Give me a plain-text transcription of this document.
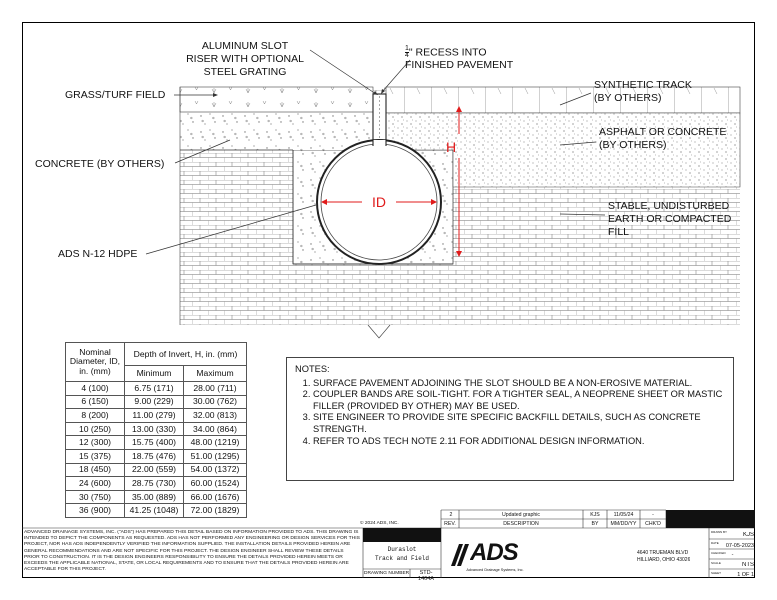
ID
H
ALUMINUM SLOT
RISER WITH OPTIONAL
STEEL GRATING
$\frac{1}{4}$ " RECESS INTO
FINISHED PAVEMENT
GRASS/TURF FIELD
SYNTHETIC TRACK
(BY OTHERS)
ASPHALT OR CONCRETE
(BY OTHERS)
CONCRETE (BY OTHERS)
STABLE, UNDISTURBED
EARTH OR COMPACTED
FILL
ADS N-12 HDPE
Nominal
Diameter, ID,
in. (mm)	Depth of Invert, H, in. (mm)	
	Minimum	Maximum
4 (100)	6.75 (171)	28.00 (711)
6 (150)	9.00 (229)	30.00 (762)
8 (200)	11.00 (279)	32.00 (813)
10 (250)	13.00 (330)	34.00 (864)
12 (300)	15.75 (400)	48.00 (1219)
15 (375)	18.75 (476)	51.00 (1295)
18 (450)	22.00 (559)	54.00 (1372)
24 (600)	28.75 (730)	60.00 (1524)
30 (750)	35.00 (889)	66.00 (1676)
36 (900)	41.25 (1048)	72.00 (1829)
NOTES:
1. SURFACE PAVEMENT ADJOINING THE SLOT SHOULD BE A NON-EROSIVE MATERIAL.
2. COUPLER BANDS ARE SOIL-TIGHT. FOR A TIGHTER SEAL, A NEOPRENE SHEET OR MASTIC FILLER (PROVIDED BY OTHER) MAY BE USED.
3. SITE ENGINEER TO PROVIDE SITE SPECIFIC BACKFILL DETAILS, SUCH AS CONCRETE STRENGTH.
4. REFER TO ADS TECH NOTE 2.11 FOR ADDITIONAL DESIGN INFORMATION.
© 2024 ADS, INC.
2	Updated graphic	KJS	11/05/24	-
REV.	DESCRIPTION	BY	MM/DD/YY	CHK'D
ADVANCED DRAINAGE SYSTEMS, INC. ("ADS") HAS PREPARED THIS DETAIL BASED ON INFORMATION PROVIDED TO ADS. THIS DRAWING IS INTENDED TO DEPICT THE COMPONENTS AS REQUESTED. ADS HAS NOT PERFORMED ANY ENGINEERING OR DESIGN SERVICES FOR THIS PROJECT, NOR HAS ADS INDEPENDENTLY VERIFIED THE INFORMATION SUPPLIED. THE INSTALLATION DETAILS PROVIDED HEREIN ARE GENERAL RECOMMENDATIONS AND ARE NOT SPECIFIC FOR THIS PROJECT. THE DESIGN ENGINEER SHALL REVIEW THESE DETAILS PRIOR TO CONSTRUCTION. IT IS THE DESIGN ENGINEERS RESPONSIBILITY TO ENSURE THE DETAILS PROVIDED HEREIN MEETS OR EXCEEDS THE APPLICABLE NATIONAL, STATE, OR LOCAL REQUIREMENTS AND TO ENSURE THAT THE DETAILS PROVIDED HEREIN ARE ACCEPTABLE FOR THIS PROJECT.
Duraslot
Track and Field
DRAWING NUMBER	STD-1464A
ADS
Advanced Drainage Systems, Inc.
4640 TRUEMAN BLVD
HILLIARD, OHIO 43026
DRAWN BY	KJS
DATE	07-05-2023
CHECKED	-
SCALE	NTS
SHEET	1 OF 1
